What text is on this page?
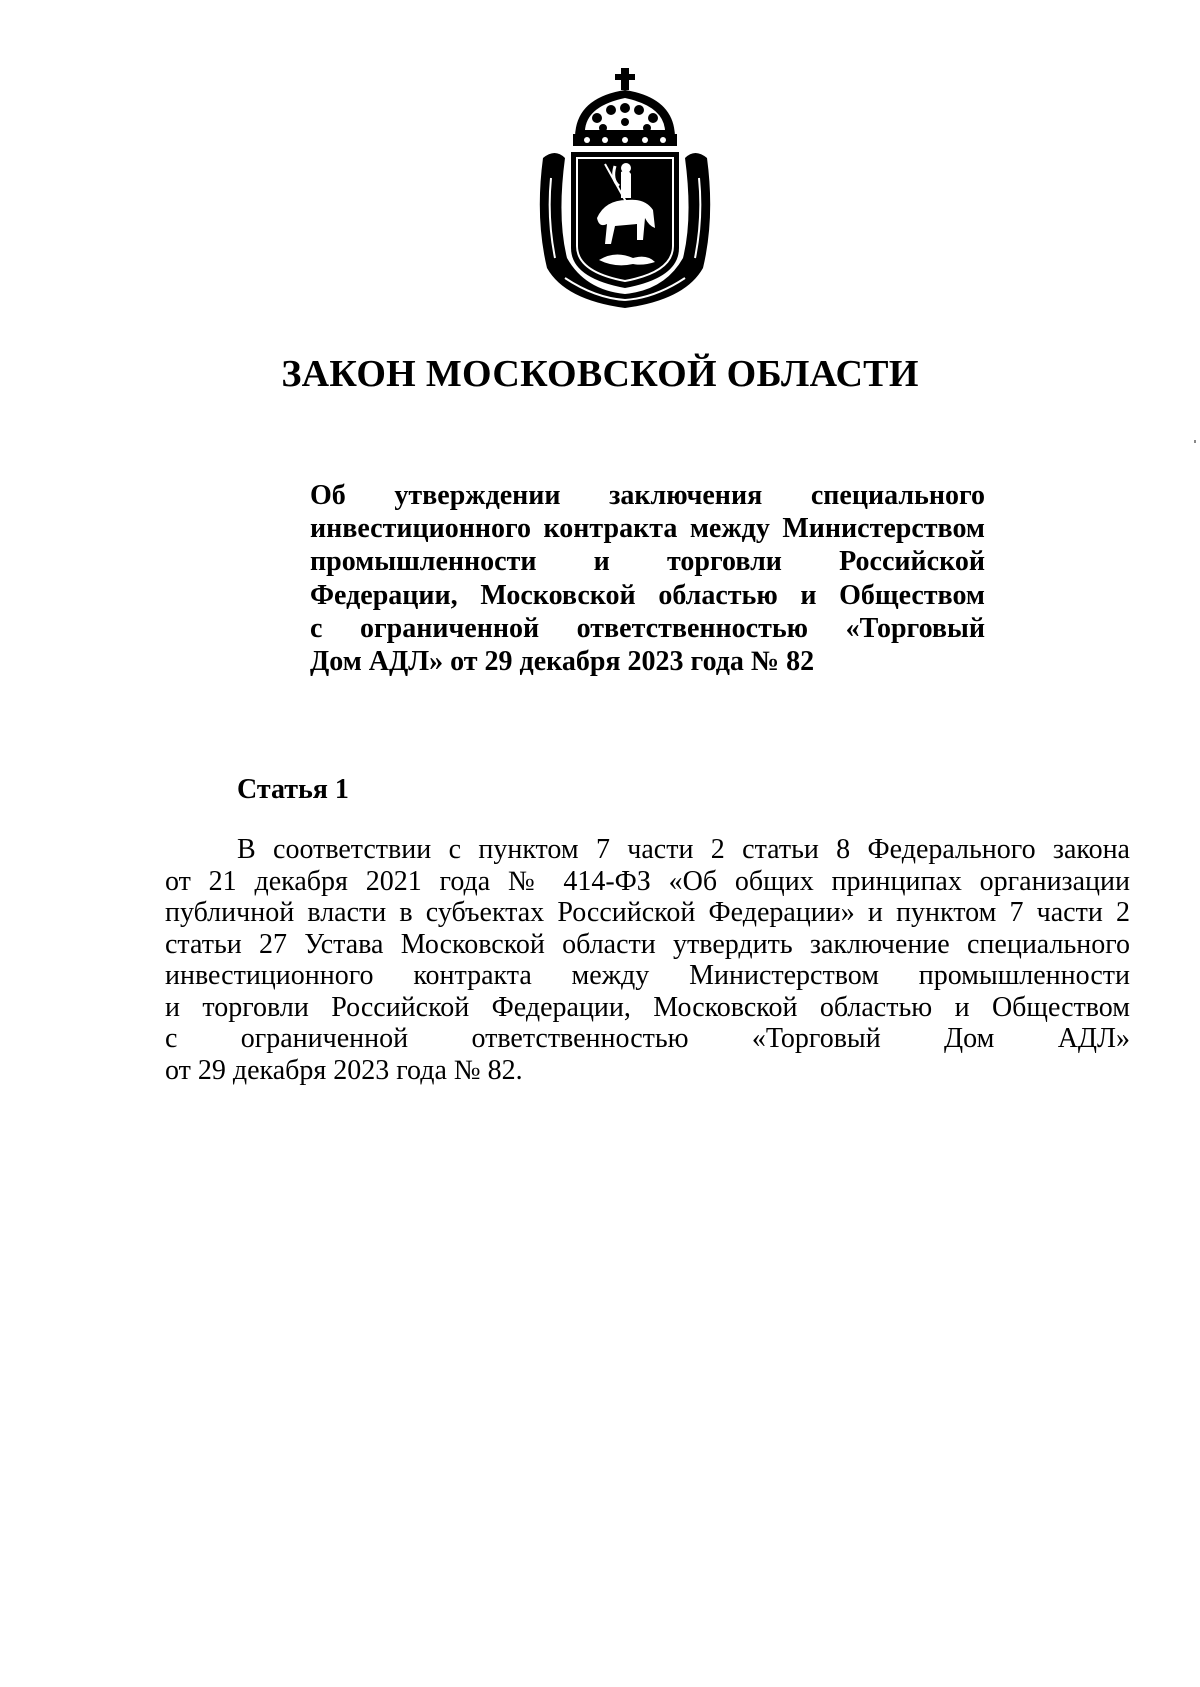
ЗАКОН МОСКОВСКОЙ ОБЛАСТИ
Об утверждении заключения специального
инвестиционного контракта между Министерством
промышленности и торговли Российской
Федерации, Московской областью и Обществом
с ограниченной ответственностью «Торговый
Дом АДЛ» от 29 декабря 2023 года № 82
Статья 1
В соответствии с пунктом 7 части 2 статьи 8 Федерального закона
от 21 декабря 2021 года № 414-ФЗ «Об общих принципах организации
публичной власти в субъектах Российской Федерации» и пунктом 7 части 2
статьи 27 Устава Московской области утвердить заключение специального
инвестиционного контракта между Министерством промышленности
и торговли Российской Федерации, Московской областью и Обществом
с ограниченной ответственностью «Торговый Дом АДЛ»
от 29 декабря 2023 года № 82.
